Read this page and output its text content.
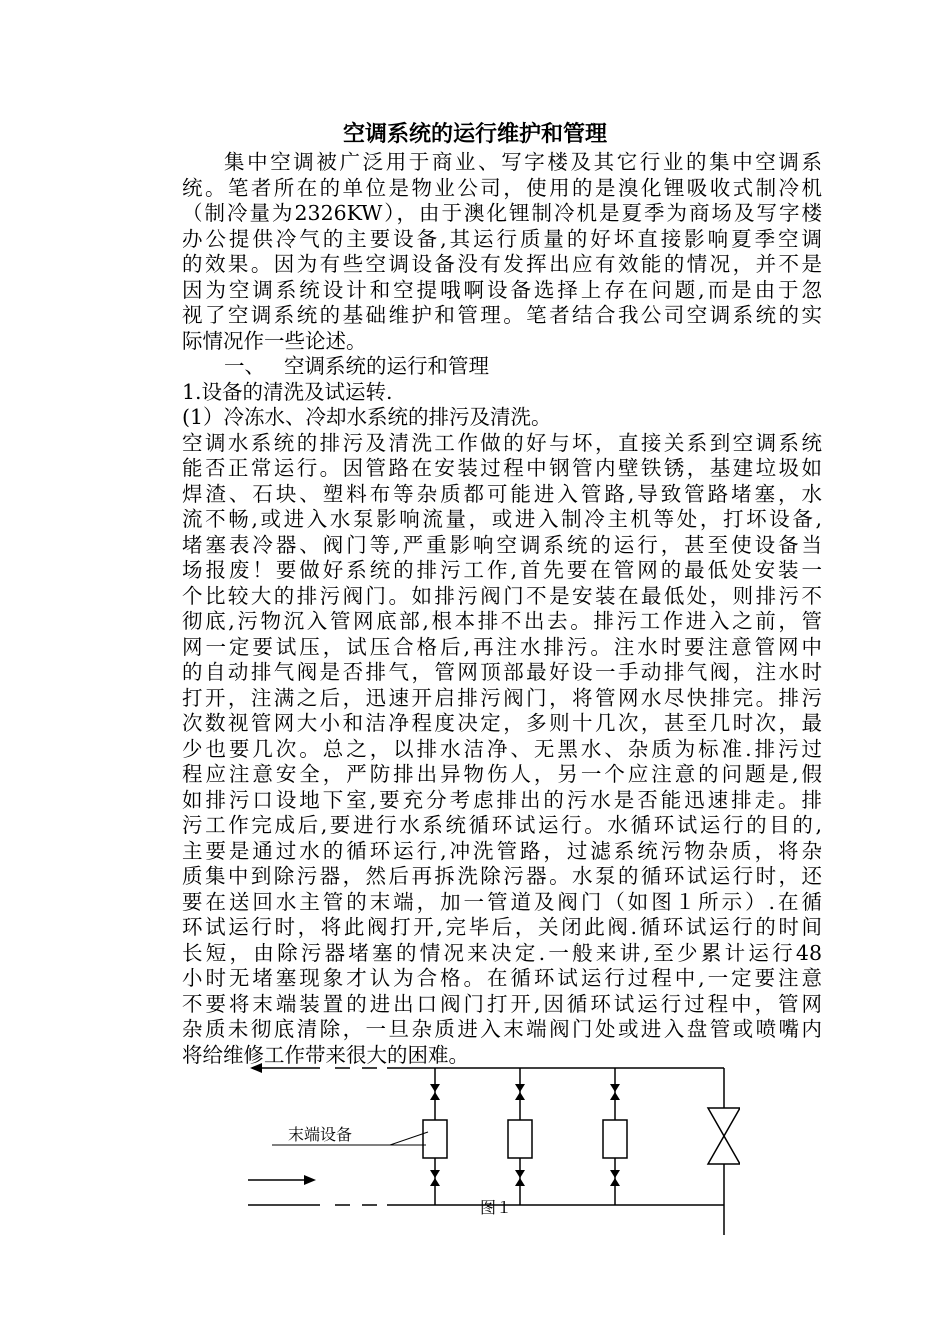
空调系统的运行维护和管理
集中空调被广泛用于商业、写字楼及其它行业的集中空调系
统。笔者所在的单位是物业公司，使用的是溴化锂吸收式制冷机
（制冷量为2326KW），由于澳化锂制冷机是夏季为商场及写字楼
办公提供冷气的主要设备,其运行质量的好坏直接影响夏季空调
的效果。因为有些空调设备没有发挥出应有效能的情况，并不是
因为空调系统设计和空提哦啊设备选择上存在问题,而是由于忽
视了空调系统的基础维护和管理。笔者结合我公司空调系统的实
际情况作一些论述。
一、 空调系统的运行和管理
1.设备的清洗及试运转.
(1）冷冻水、冷却水系统的排污及清洗。
空调水系统的排污及清洗工作做的好与坏，直接关系到空调系统
能否正常运行。因管路在安装过程中钢管内壁铁锈，基建垃圾如
焊渣、石块、塑料布等杂质都可能进入管路,导致管路堵塞，水
流不畅,或进入水泵影响流量，或进入制冷主机等处，打坏设备,
堵塞表冷器、阀门等,严重影响空调系统的运行，甚至使设备当
场报废！要做好系统的排污工作,首先要在管网的最低处安装一
个比较大的排污阀门。如排污阀门不是安装在最低处，则排污不
彻底,污物沉入管网底部,根本排不出去。排污工作进入之前，管
网一定要试压，试压合格后,再注水排污。注水时要注意管网中
的自动排气阀是否排气，管网顶部最好设一手动排气阀，注水时
打开，注满之后，迅速开启排污阀门，将管网水尽快排完。排污
次数视管网大小和洁净程度决定，多则十几次，甚至几时次，最
少也要几次。总之，以排水洁净、无黑水、杂质为标准.排污过
程应注意安全，严防排出异物伤人，另一个应注意的问题是,假
如排污口设地下室,要充分考虑排出的污水是否能迅速排走。排
污工作完成后,要进行水系统循环试运行。水循环试运行的目的,
主要是通过水的循环运行,冲洗管路，过滤系统污物杂质，将杂
质集中到除污器，然后再拆洗除污器。水泵的循环试运行时，还
要在送回水主管的末端，加一管道及阀门（如图１所示）.在循
环试运行时，将此阀打开,完毕后，关闭此阀.循环试运行的时间
长短，由除污器堵塞的情况来决定.一般来讲,至少累计运行48
小时无堵塞现象才认为合格。在循环试运行过程中,一定要注意
不要将末端装置的进出口阀门打开,因循环试运行过程中，管网
杂质未彻底清除，一旦杂质进入末端阀门处或进入盘管或喷嘴内
将给维修工作带来很大的困难。
末端设备
图１
